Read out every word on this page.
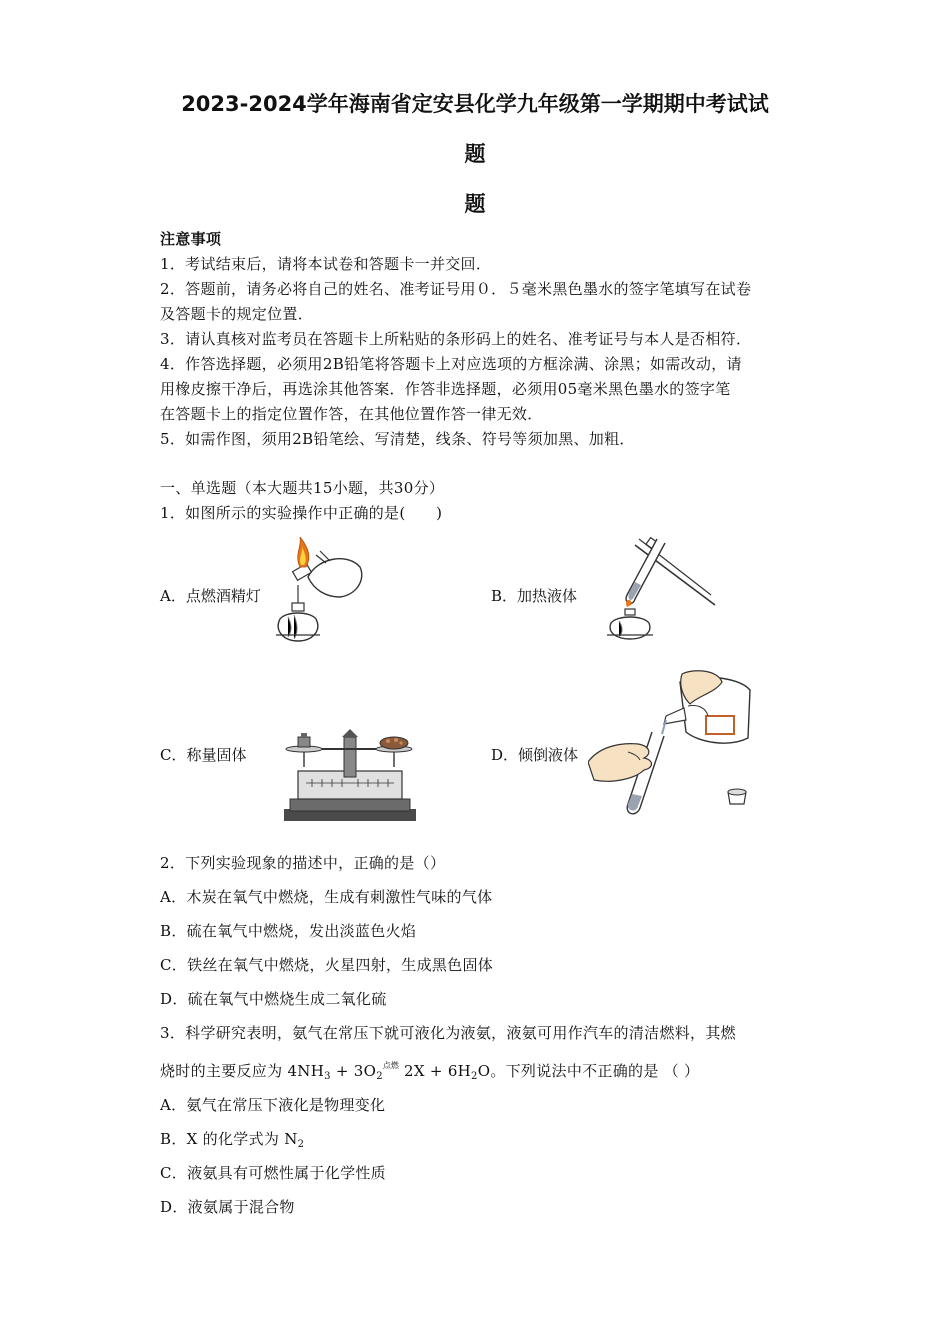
2023-2024学年海南省定安县化学九年级第一学期期中考试试
题
题
注意事项
1．考试结束后，请将本试卷和答题卡一并交回．
2．答题前，请务必将自己的姓名、准考证号用０．５毫米黑色墨水的签字笔填写在试卷
及答题卡的规定位置．
3．请认真核对监考员在答题卡上所粘贴的条形码上的姓名、准考证号与本人是否相符．
4．作答选择题，必须用2B铅笔将答题卡上对应选项的方框涂满、涂黑；如需改动，请
用橡皮擦干净后，再选涂其他答案．作答非选择题，必须用05毫米黑色墨水的签字笔
在答题卡上的指定位置作答，在其他位置作答一律无效．
5．如需作图，须用2B铅笔绘、写清楚，线条、符号等须加黑、加粗．
一、单选题（本大题共15小题，共30分）
1．如图所示的实验操作中正确的是(　　)
A．点燃酒精灯	B．加热液体
C．称量固体	D．倾倒液体
2．下列实验现象的描述中，正确的是（）
A．木炭在氧气中燃烧，生成有刺激性气味的气体
B．硫在氧气中燃烧，发出淡蓝色火焰
C．铁丝在氧气中燃烧，火星四射，生成黑色固体
D．硫在氧气中燃烧生成二氧化硫
3．科学研究表明，氨气在常压下就可液化为液氨，液氨可用作汽车的清洁燃料，其燃
烧时的主要反应为 $4NH_3 + 3O_2^{点燃}$ $2X + 6H_2O$。下列说法中不正确的是 （ ）
A．氨气在常压下液化是物理变化
B．X 的化学式为 $N_2$
C．液氨具有可燃性属于化学性质
D．液氨属于混合物
